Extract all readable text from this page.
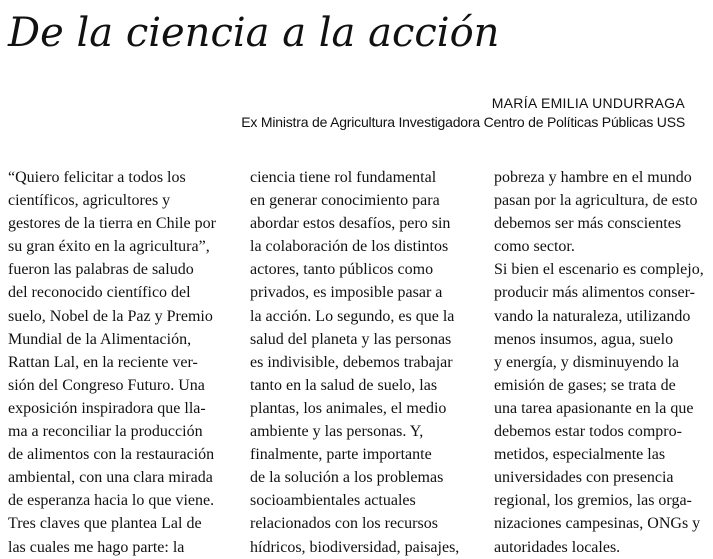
De la ciencia a la acción
MARÍA EMILIA UNDURRAGA
Ex Ministra de Agricultura Investigadora Centro de Políticas Públicas USS
“Quiero felicitar a todos los
científicos, agricultores y
gestores de la tierra en Chile por
su gran éxito en la agricultura”,
fueron las palabras de saludo
del reconocido científico del
suelo, Nobel de la Paz y Premio
Mundial de la Alimentación,
Rattan Lal, en la reciente ver-
sión del Congreso Futuro. Una
exposición inspiradora que lla-
ma a reconciliar la producción
de alimentos con la restauración
ambiental, con una clara mirada
de esperanza hacia lo que viene.
Tres claves que plantea Lal de
las cuales me hago parte: la
ciencia tiene rol fundamental
en generar conocimiento para
abordar estos desafíos, pero sin
la colaboración de los distintos
actores, tanto públicos como
privados, es imposible pasar a
la acción. Lo segundo, es que la
salud del planeta y las personas
es indivisible, debemos trabajar
tanto en la salud de suelo, las
plantas, los animales, el medio
ambiente y las personas. Y,
finalmente, parte importante
de la solución a los problemas
socioambientales actuales
relacionados con los recursos
hídricos, biodiversidad, paisajes,
pobreza y hambre en el mundo
pasan por la agricultura, de esto
debemos ser más conscientes
como sector.
Si bien el escenario es complejo,
producir más alimentos conser-
vando la naturaleza, utilizando
menos insumos, agua, suelo
y energía, y disminuyendo la
emisión de gases; se trata de
una tarea apasionante en la que
debemos estar todos compro-
metidos, especialmente las
universidades con presencia
regional, los gremios, las orga-
nizaciones campesinas, ONGs y
autoridades locales.
